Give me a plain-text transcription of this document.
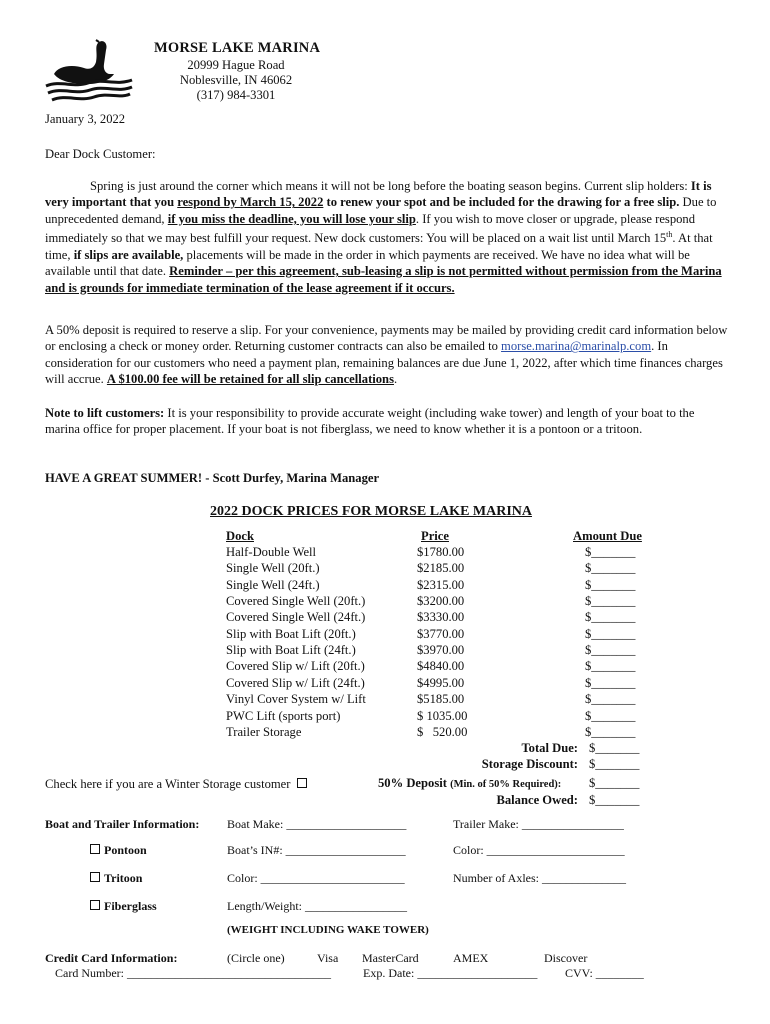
MORSE LAKE MARINA
20999 Hague Road
Noblesville, IN 46062
(317) 984-3301
January 3, 2022
Dear Dock Customer:

Spring is just around the corner which means it will not be long before the boating season begins. Current slip holders: It is very important that you respond by March 15, 2022 to renew your spot and be included for the drawing for a free slip. Due to unprecedented demand, if you miss the deadline, you will lose your slip. If you wish to move closer or upgrade, please respond immediately so that we may best fulfill your request. New dock customers: You will be placed on a wait list until March 15th. At that time, if slips are available, placements will be made in the order in which payments are received. We have no idea what will be available until that date. Reminder – per this agreement, sub-leasing a slip is not permitted without permission from the Marina and is grounds for immediate termination of the lease agreement if it occurs.

A 50% deposit is required to reserve a slip. For your convenience, payments may be mailed by providing credit card information below or enclosing a check or money order. Returning customer contracts can also be emailed to morse.marina@marinalp.com. In consideration for our customers who need a payment plan, remaining balances are due June 1, 2022, after which time finances charges will accrue. A $100.00 fee will be retained for all slip cancellations.

Note to lift customers: It is your responsibility to provide accurate weight (including wake tower) and length of your boat to the marina office for proper placement. If your boat is not fiberglass, we need to know whether it is a pontoon or a tritoon.

HAVE A GREAT SUMMER! - Scott Durfey, Marina Manager
2022 DOCK PRICES FOR MORSE LAKE MARINA
Dock	Price	Amount Due
Half-Double Well	$1780.00	$_______
Single Well (20ft.)	$2185.00	$_______
Single Well (24ft.)	$2315.00	$_______
Covered Single Well (20ft.)	$3200.00	$_______
Covered Single Well (24ft.)	$3330.00	$_______
Slip with Boat Lift (20ft.)	$3770.00	$_______
Slip with Boat Lift (24ft.)	$3970.00	$_______
Covered Slip w/ Lift (20ft.)	$4840.00	$_______
Covered Slip w/ Lift (24ft.)	$4995.00	$_______
Vinyl Cover System w/ Lift	$5185.00	$_______
PWC Lift (sports port)	$ 1035.00	$_______
Trailer Storage	$   520.00	$_______
Total Due: $_______
Storage Discount: $_______
Check here if you are a Winter Storage customer	50% Deposit (Min. of 50% Required): $_______
Balance Owed: $_______
Boat and Trailer Information: Boat Make: ____________________	Trailer Make: _________________
Pontoon	Boat’s IN#: ____________________	Color: _______________________
Tritoon	Color: ________________________	Number of Axles: ______________
Fiberglass	Length/Weight: _________________
(WEIGHT INCLUDING WAKE TOWER)
Credit Card Information:	(Circle one)	Visa MasterCard	AMEX	Discover
Card Number: __________________________________	Exp. Date: ____________________ CVV: ________
